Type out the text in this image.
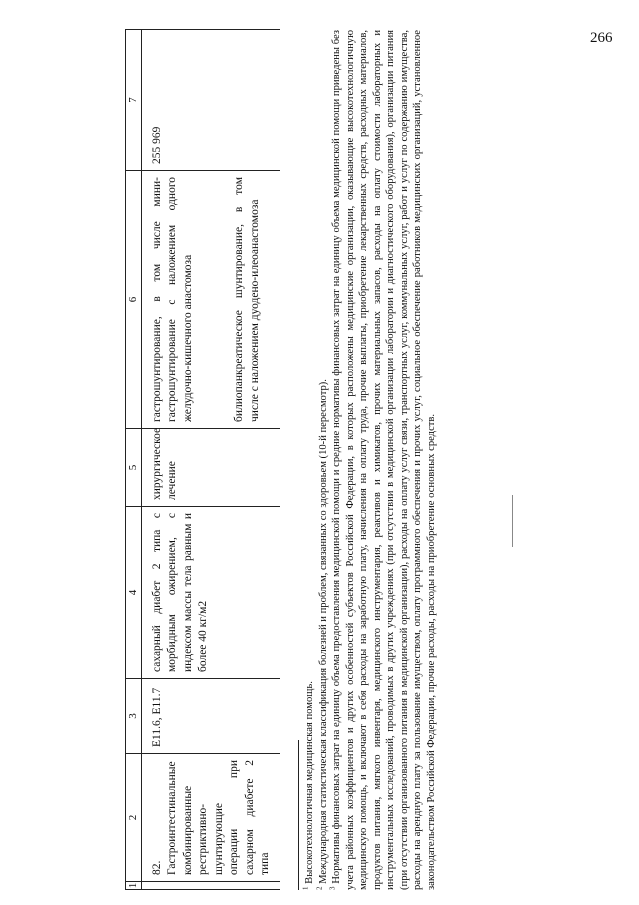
266
1	2	3	4	5	6	7
	82. Гастроинтестинальные комбинированные рестриктивно-шунтирующие операции при сахарном диабете 2 типа	E11.6, E11.7	сахарный диабет 2 типа с морбидным ожирением, с индексом массы тела равным и более 40 кг/м2	хирургическое лечение	гастрошунтирование, в том числе мини-гастрошунтирование с наложением одного желудочно-кишечного анастомоза билиопанкреатическое шунтирование, в том числе с наложением дуодено-илеоанастомоза	255 969

$^1$ Высокотехнологичная медицинская помощь.

$^2$ Международная статистическая классификация болезней и проблем, связанных со здоровьем (10-й пересмотр).

$^3$ Нормативы финансовых затрат на единицу объема предоставления медицинской помощи и средние нормативы финансовых затрат на единицу объема медицинской помощи приведены без учета районных коэффициентов и других особенностей субъектов Российской Федерации, в которых расположены медицинские организации, оказывающие высокотехнологичную медицинскую помощь, и включают в себя расходы на заработную плату, начисления на оплату труда, прочие выплаты, приобретение лекарственных средств, расходных материалов, продуктов питания, мягкого инвентаря, медицинского инструментария, реактивов и химикатов, прочих материальных запасов, расходы на оплату стоимости лабораторных и инструментальных исследований, проводимых в других учреждениях (при отсутствии в медицинской организации лаборатории и диагностического оборудования), организации питания (при отсутствии организованного питания в медицинской организации), расходы на оплату услуг связи, транспортных услуг, коммунальных услуг, работ и услуг по содержанию имущества, расходы на арендную плату за пользование имуществом, оплату программного обеспечения и прочих услуг, социальное обеспечение работников медицинских организаций, установленное законодательством Российской Федерации, прочие расходы, расходы на приобретение основных средств.
